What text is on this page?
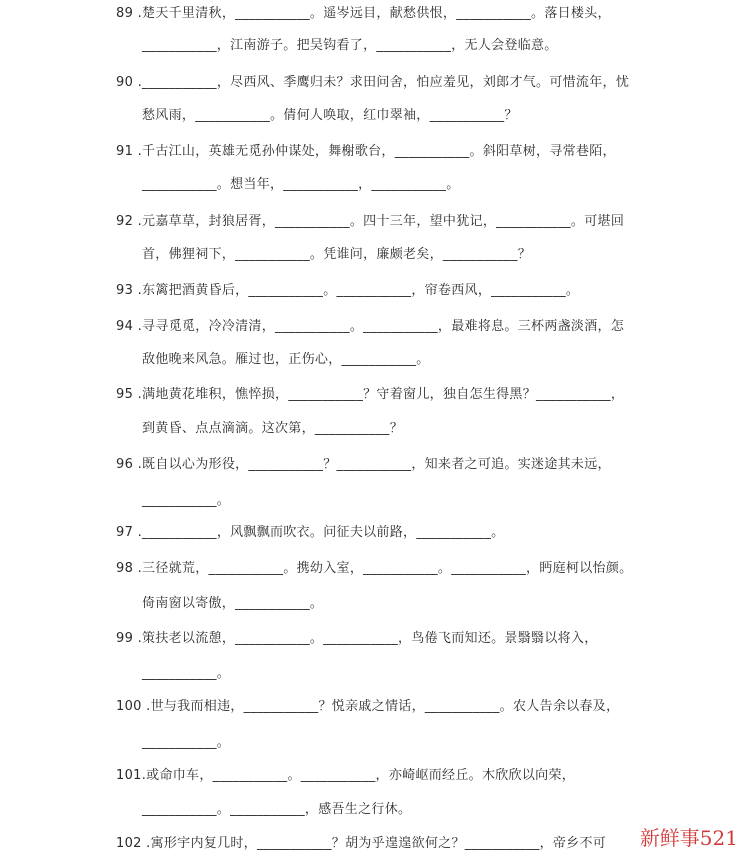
89 .楚天千里清秋，___________。遥岑远目，献愁供恨，___________。落日楼头，
___________，江南游子。把吴钩看了，___________，无人会登临意。
90 .___________，尽西风、季鹰归未？求田问舍，怕应羞见，刘郎才气。可惜流年，忧
愁风雨，___________。倩何人唤取，红巾翠袖，___________？
91 .千古江山，英雄无觅孙仲谋处，舞榭歌台，___________。斜阳草树，寻常巷陌，
___________。想当年，___________，___________。
92 .元嘉草草，封狼居胥，___________。四十三年，望中犹记，___________。可堪回
首，佛狸祠下，___________。凭谁问，廉颇老矣，___________？
93 .东篱把酒黄昏后，___________。___________，帘卷西风，___________。
94 .寻寻觅觅，冷冷清清，___________。___________，最难将息。三杯两盏淡酒，怎
敌他晚来风急。雁过也，正伤心，___________。
95 .满地黄花堆积，憔悴损，___________？守着窗儿，独自怎生得黑？___________，
到黄昏、点点滴滴。这次第，___________？
96 .既自以心为形役，___________？___________，知来者之可追。实迷途其未远，
___________。
97 .___________，风飘飘而吹衣。问征夫以前路，___________。
98 .三径就荒，___________。携幼入室，___________。___________，眄庭柯以怡颜。
倚南窗以寄傲，___________。
99 .策扶老以流憩，___________。___________，鸟倦飞而知还。景翳翳以将入，
___________。
100 .世与我而相违，___________？悦亲戚之情话，___________。农人告余以春及，
___________。
101.或命巾车，___________。___________，亦崎岖而经丘。木欣欣以向荣，
___________。___________，感吾生之行休。
102 .寓形宇内复几时，___________？胡为乎遑遑欲何之？___________，帝乡不可 新鲜事521
